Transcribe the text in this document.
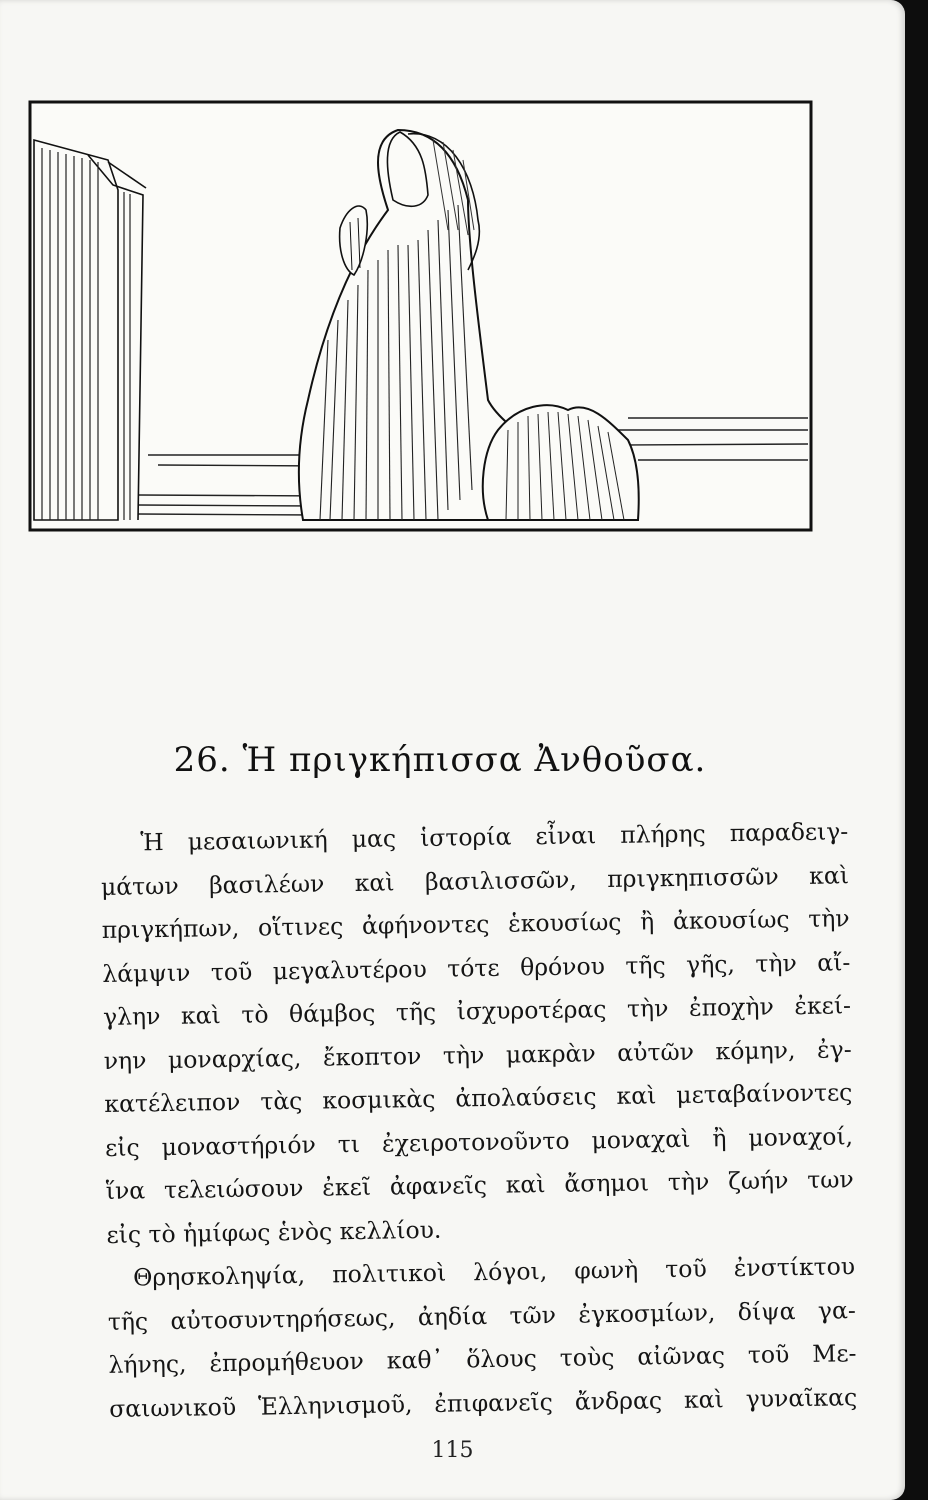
26. Ἡ πριγκήπισσα Ἀνθοῦσα.
Ἡ μεσαιωνική μας ἱστορία εἶναι πλήρης παραδειγ-
μάτων βασιλέων καὶ βασιλισσῶν, πριγκηπισσῶν καὶ
πριγκήπων, οἵτινες ἀφήνοντες ἑκουσίως ἢ ἀκουσίως τὴν
λάμψιν τοῦ μεγαλυτέρου τότε θρόνου τῆς γῆς, τὴν αἴ-
γλην καὶ τὸ θάμβος τῆς ἰσχυροτέρας τὴν ἐποχὴν ἐκεί-
νην μοναρχίας, ἔκοπτον τὴν μακρὰν αὐτῶν κόμην, ἐγ-
κατέλειπον τὰς κοσμικὰς ἀπολαύσεις καὶ μεταβαίνοντες
εἰς μοναστήριόν τι ἐχειροτονοῦντο μοναχαὶ ἢ μοναχοί,
ἵνα τελειώσουν ἐκεῖ ἀφανεῖς καὶ ἄσημοι τὴν ζωήν των
εἰς τὸ ἡμίφως ἑνὸς κελλίου.
Θρησκοληψία, πολιτικοὶ λόγοι, φωνὴ τοῦ ἐνστίκτου
τῆς αὐτοσυντηρήσεως, ἀηδία τῶν ἐγκοσμίων, δίψα γα-
λήνης, ἐπρομήθευον καθ᾽ ὅλους τοὺς αἰῶνας τοῦ Με-
σαιωνικοῦ Ἑλληνισμοῦ, ἐπιφανεῖς ἄνδρας καὶ γυναῖκας
115
